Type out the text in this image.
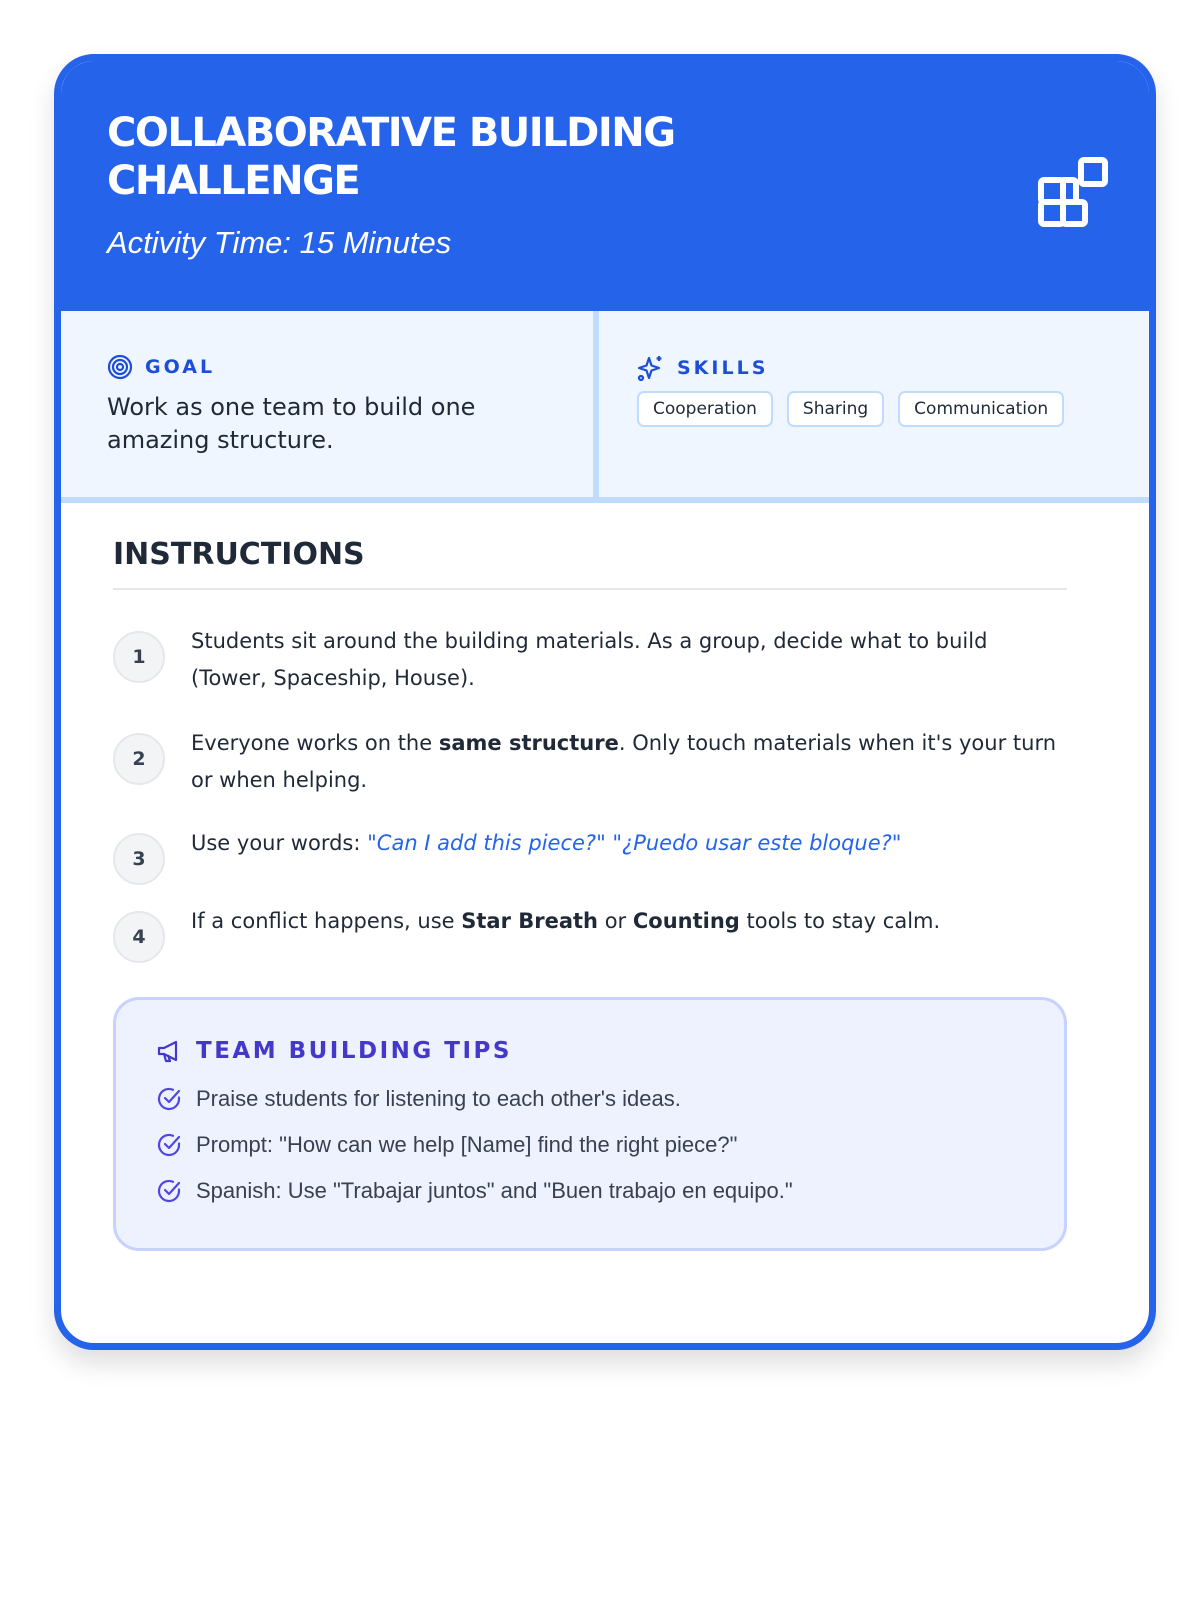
COLLABORATIVE BUILDING CHALLENGE
Activity Time: 15 Minutes
GOAL
Work as one team to build one amazing structure.
SKILLS
Cooperation	Sharing	Communication
INSTRUCTIONS
1
Students sit around the building materials. As a group, decide what to build (Tower, Spaceship, House).
2
Everyone works on the same structure. Only touch materials when it's your turn or when helping.
3
Use your words: "Can I add this piece?" "¿Puedo usar este bloque?"
4
If a conflict happens, use Star Breath or Counting tools to stay calm.
TEAM BUILDING TIPS
Praise students for listening to each other's ideas.
Prompt: "How can we help [Name] find the right piece?"
Spanish: Use "Trabajar juntos" and "Buen trabajo en equipo."
